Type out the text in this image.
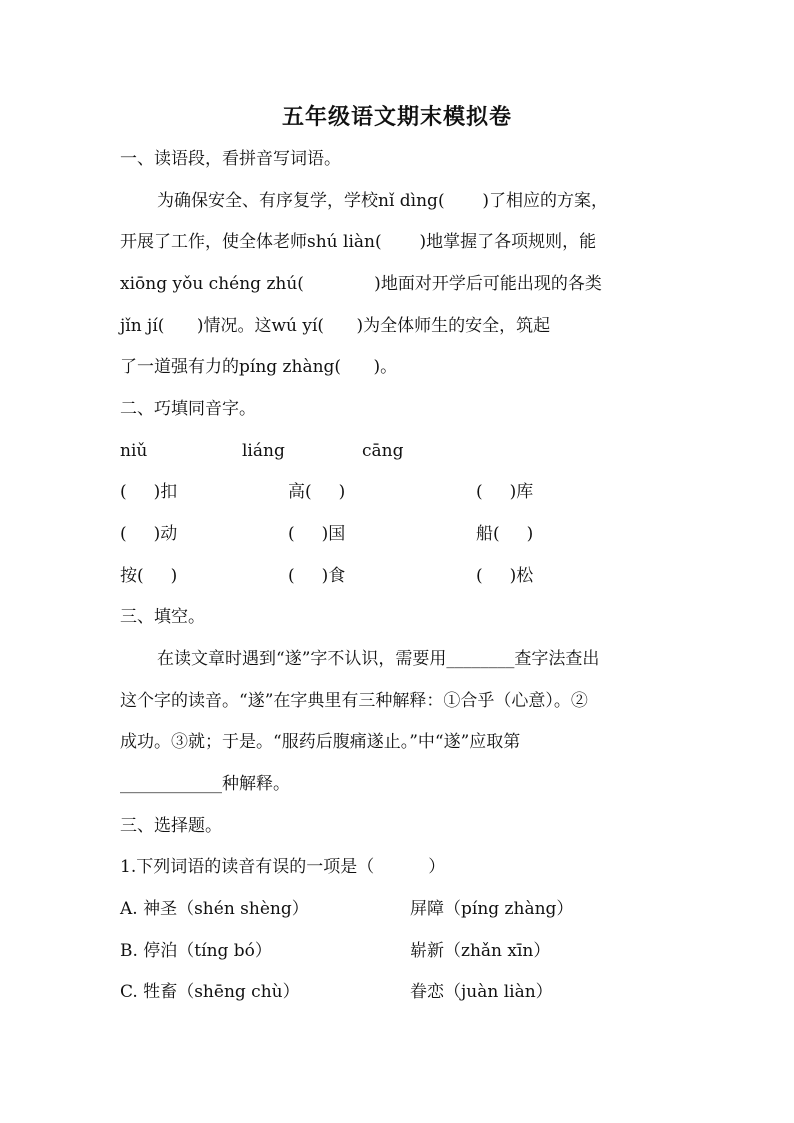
五年级语文期末模拟卷
一、读语段，看拼音写词语。
为确保安全、有序复学，学校nǐ dìng(       )了相应的方案，
开展了工作，使全体老师shú liàn(       )地掌握了各项规则，能
xiōng yǒu chéng zhú(             )地面对开学后可能出现的各类
jǐn jí(      )情况。这wú yí(      )为全体师生的安全，筑起
了一道强有力的píng zhàng(      )。
二、巧填同音字。
niǔ	liáng	cāng
(     )扣	高(     )	(     )库
(     )动	(     )国	船(     )
按(     )	(     )食	(     )松
三、填空。
在读文章时遇到“遂”字不认识，需要用________查字法查出
这个字的读音。“遂”在字典里有三种解释：①合乎（心意）。②
成功。③就；于是。“服药后腹痛遂止。”中“遂”应取第
____________种解释。
三、选择题。
1.下列词语的读音有误的一项是（          ）
A. 神圣（shén shèng）	屏障（píng zhàng）
B. 停泊（tíng bó）	崭新（zhǎn xīn）
C. 牲畜（shēng chù）	眷恋（juàn liàn）
